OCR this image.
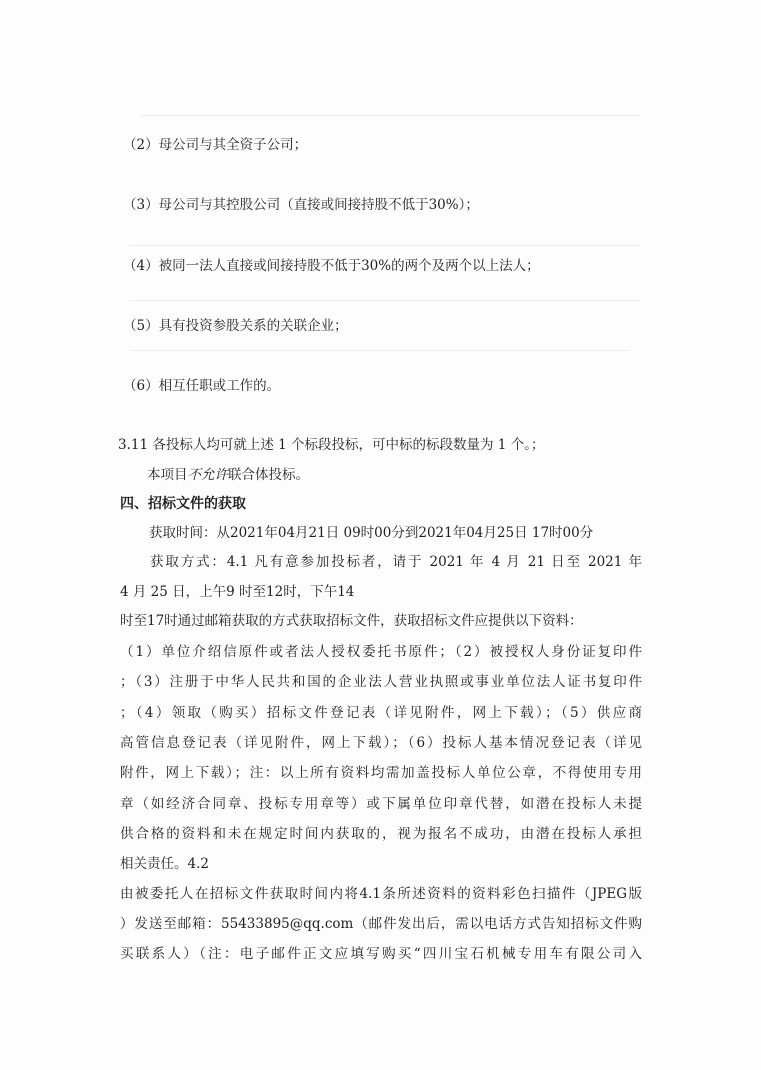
（2）母公司与其全资子公司；
（3）母公司与其控股公司（直接或间接持股不低于30%）；
（4）被同一法人直接或间接持股不低于30%的两个及两个以上法人；
（5）具有投资参股关系的关联企业；
（6）相互任职或工作的。
3.11 各投标人均可就上述 1 个标段投标，可中标的标段数量为 1 个。；
本项目不允许联合体投标。
四、招标文件的获取
获取时间：从2021年04月21日 09时00分到2021年04月25日 17时00分
获取方式：4.1 凡有意参加投标者，请于 2021 年 4 月 21 日至 2021 年
4 月 25 日，上午9 时至12时，下午14
时至17时通过邮箱获取的方式获取招标文件，获取招标文件应提供以下资料：
（1）单位介绍信原件或者法人授权委托书原件；（2）被授权人身份证复印件
；（3）注册于中华人民共和国的企业法人营业执照或事业单位法人证书复印件
；（4）领取（购买）招标文件登记表（详见附件，网上下载）；（5）供应商
高管信息登记表（详见附件，网上下载）；（6）投标人基本情况登记表（详见
附件，网上下载）；注：以上所有资料均需加盖投标人单位公章，不得使用专用
章（如经济合同章、投标专用章等）或下属单位印章代替，如潜在投标人未提
供合格的资料和未在规定时间内获取的，视为报名不成功，由潜在投标人承担
相关责任。4.2
由被委托人在招标文件获取时间内将4.1条所述资料的资料彩色扫描件（JPEG版
）发送至邮箱：55433895@qq.com（邮件发出后，需以电话方式告知招标文件购
买联系人）（注：电子邮件正文应填写购买“四川宝石机械专用车有限公司入
